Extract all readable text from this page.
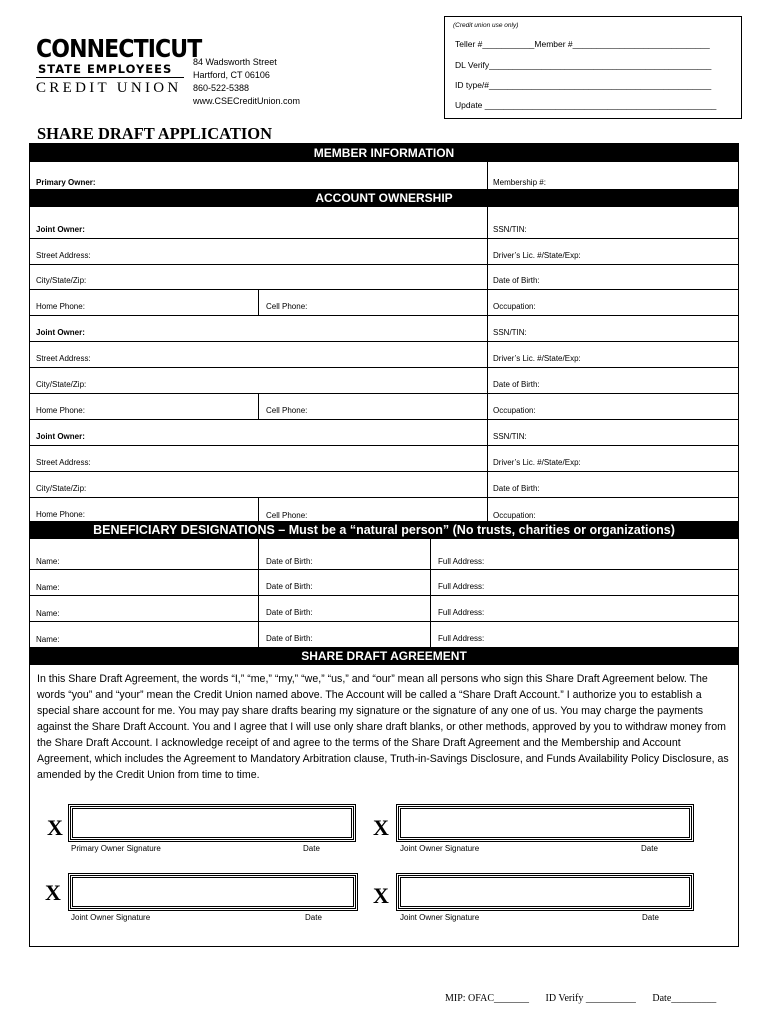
CONNECTICUT
STATE EMPLOYEES
CREDIT UNION
84 Wadsworth Street
Hartford, CT 06106
860-522-5388
www.CSECreditUnion.com
(Credit union use only)
Teller #___________Member #_____________________________
DL Verify_______________________________________________
ID type/#_______________________________________________
Update _________________________________________________
SHARE DRAFT APPLICATION
MEMBER INFORMATION
Primary Owner:	Membership #:
ACCOUNT OWNERSHIP
Joint Owner:	SSN/TIN:
Street Address:	Driver’s Lic. #/State/Exp:
City/State/Zip:	Date of Birth:
Home Phone:	Cell Phone:	Occupation:
Joint Owner:	SSN/TIN:
Street Address:	Driver’s Lic. #/State/Exp:
City/State/Zip:	Date of Birth:
Home Phone:	Cell Phone:	Occupation:
Joint Owner:	SSN/TIN:
Street Address:	Driver’s Lic. #/State/Exp:
City/State/Zip:	Date of Birth:
Home Phone:	Cell Phone:	Occupation:
BENEFICIARY DESIGNATIONS – Must be a “natural person” (No trusts, charities or organizations)
Name:	Date of Birth:	Full Address:
Name:	Date of Birth:	Full Address:
Name:	Date of Birth:	Full Address:
Name:	Date of Birth:	Full Address:
SHARE DRAFT AGREEMENT
In this Share Draft Agreement, the words “I,” “me,” “my,” “we,” “us,” and “our” mean all persons who sign this Share Draft Agreement below. The words “you” and “your” mean the Credit Union named above. The Account will be called a “Share Draft Account.” I authorize you to establish a special share account for me. You may pay share drafts bearing my signature or the signature of any one of us. You may charge the payments against the Share Draft Account. You and I agree that I will use only share draft blanks, or other methods, approved by you to withdraw money from the Share Draft Account. I acknowledge receipt of and agree to the terms of the Share Draft Agreement and the Membership and Account Agreement, which includes the Agreement to Mandatory Arbitration clause, Truth-in-Savings Disclosure, and Funds Availability Policy Disclosure, as amended by the Credit Union from time to time.
X
Primary Owner Signature	Date
X
Joint Owner Signature	Date
X
Joint Owner Signature	Date
X
Joint Owner Signature	Date
MIP: OFAC_______ ID Verify __________ Date_________
